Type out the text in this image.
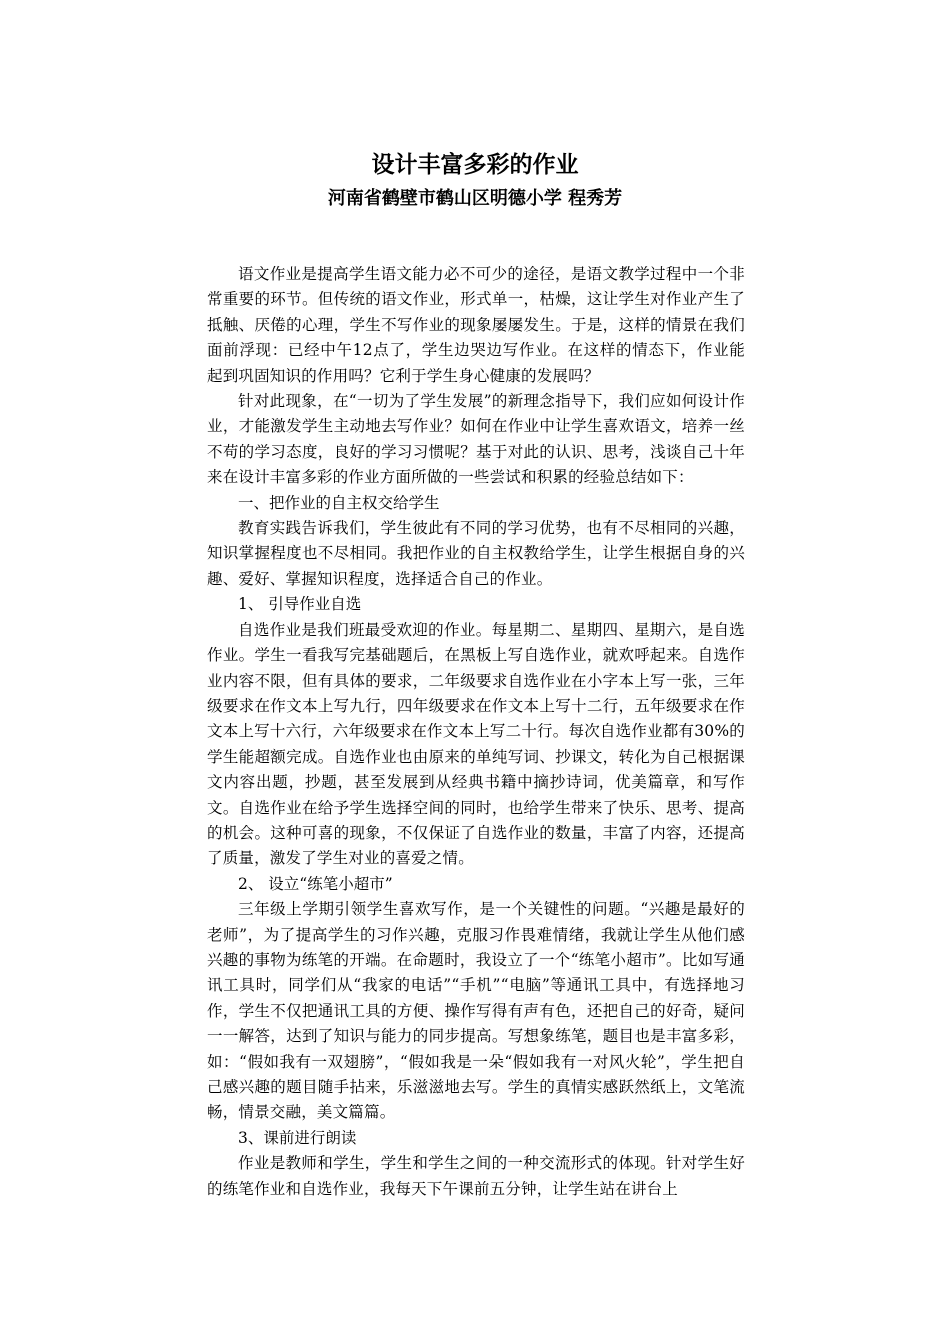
设计丰富多彩的作业
河南省鹤壁市鹤山区明德小学 程秀芳

语文作业是提高学生语文能力必不可少的途径，是语文教学过程中一个非常重要的环节。但传统的语文作业，形式单一，枯燥，这让学生对作业产生了抵触、厌倦的心理，学生不写作业的现象屡屡发生。于是，这样的情景在我们面前浮现：已经中午12点了，学生边哭边写作业。在这样的情态下，作业能起到巩固知识的作用吗？它利于学生身心健康的发展吗？

针对此现象，在“一切为了学生发展”的新理念指导下，我们应如何设计作业，才能激发学生主动地去写作业？如何在作业中让学生喜欢语文，培养一丝不苟的学习态度，良好的学习习惯呢？基于对此的认识、思考，浅谈自己十年来在设计丰富多彩的作业方面所做的一些尝试和积累的经验总结如下：

一、把作业的自主权交给学生

教育实践告诉我们，学生彼此有不同的学习优势，也有不尽相同的兴趣，知识掌握程度也不尽相同。我把作业的自主权教给学生，让学生根据自身的兴趣、爱好、掌握知识程度，选择适合自己的作业。

1、 引导作业自选

自选作业是我们班最受欢迎的作业。每星期二、星期四、星期六，是自选作业。学生一看我写完基础题后，在黑板上写自选作业，就欢呼起来。自选作业内容不限，但有具体的要求，二年级要求自选作业在小字本上写一张，三年级要求在作文本上写九行，四年级要求在作文本上写十二行，五年级要求在作文本上写十六行，六年级要求在作文本上写二十行。每次自选作业都有30%的学生能超额完成。自选作业也由原来的单纯写词、抄课文，转化为自己根据课文内容出题，抄题，甚至发展到从经典书籍中摘抄诗词，优美篇章，和写作文。自选作业在给予学生选择空间的同时，也给学生带来了快乐、思考、提高的机会。这种可喜的现象，不仅保证了自选作业的数量，丰富了内容，还提高了质量，激发了学生对业的喜爱之情。

2、 设立“练笔小超市”

三年级上学期引领学生喜欢写作，是一个关键性的问题。“兴趣是最好的老师”，为了提高学生的习作兴趣，克服习作畏难情绪，我就让学生从他们感兴趣的事物为练笔的开端。在命题时，我设立了一个“练笔小超市”。比如写通讯工具时，同学们从“我家的电话”“手机”“电脑”等通讯工具中，有选择地习作，学生不仅把通讯工具的方便、操作写得有声有色，还把自己的好奇，疑问一一解答，达到了知识与能力的同步提高。写想象练笔，题目也是丰富多彩，如：“假如我有一双翅膀”，“假如我是一朵“假如我有一对风火轮”，学生把自己感兴趣的题目随手拈来，乐滋滋地去写。学生的真情实感跃然纸上，文笔流畅，情景交融，美文篇篇。

3、课前进行朗读

作业是教师和学生，学生和学生之间的一种交流形式的体现。针对学生好的练笔作业和自选作业，我每天下午课前五分钟，让学生站在讲台上
